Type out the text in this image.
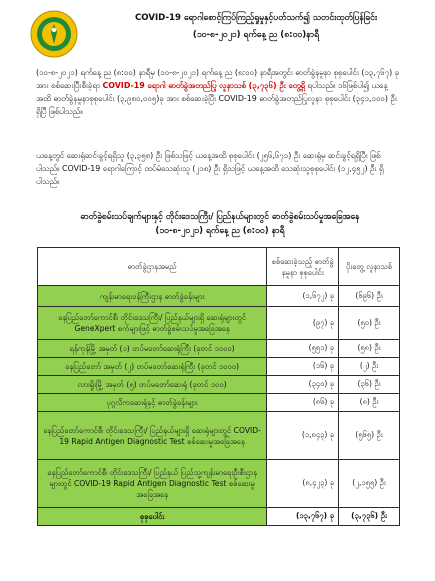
COVID-19 ရောဂါစောင့်ကြပ်ကြည့်ရှုမှုနှင့်ပတ်သက်၍ သတင်းထုတ်ပြန်ခြင်း
(၁၀-၈-၂၀၂၁) ရက်နေ့ ည (၈:၀၀)နာရီ
(၁၀-၈-၂၀၂၁) ရက်နေ့ ည (၈:၀၀) နာရီမှ (၁၀-၈-၂၀၂၁) ရက်နေ့ ည (၈:၀၀) နာရီအတွင်း ဓာတ်ခွဲနမူနာ စုစုပေါင်း (၁၃,၇၆၇) ခုအား စစ်ဆေးပြီးစီးခဲ့ရာ COVID-19 ရောဂါ ဓာတ်ခွဲအတည်ပြု လူနာသစ် (၃,၇၃၆) ဦး တွေ့ရှိ ရပါသည်။ ၁၆ဖြစ်ပါ၍ ယနေ့အထိ ဓာတ်ခွဲနမူနာစုစုပေါင်း (၃,၉၈၀,၀၀၅)ခု အား စစ်ဆေးခဲ့ပြီး COVID-19 ဓာတ်ခွဲအတည်ပြုလူနာ စုစုပေါင်း (၃၄၁,၁၀၀) ဦး ရှိပြီ ဖြစ်ပါသည်။
ယနေ့တွင် ဆေးရုံဆင်းခွင့်ရရှိသူ (၃,၃၅၈) ဦး ဖြစ်သဖြင့် ယနေ့အထိ စုစုပေါင်း (၂၅၆,၆၇၁) ဦး ဆေးရုံမှ ဆင်းခွင့်ရရှိပြီး ဖြစ်ပါသည်။ COVID-19 ရောဂါကြောင့် ထပ်မံသေဆုံးသူ (၂၁၈) ဦး ရှိသဖြင့် ယနေ့အထိ သေဆုံးသူစုစုပေါင်း (၁၂,၄၅၂) ဦး ရှိပါသည်။
ဓာတ်ခွဲစမ်းသပ်ချက်များနှင့် တိုင်းဒေသကြီး/ ပြည်နယ်များတွင် ဓာတ်ခွဲစမ်းသပ်မှုအခြေအနေ
(၁၀-၈-၂၀၂၁) ရက်နေ့ ည (၈:၀၀) နာရီ
ဓာတ်ခွဲဌာနအမည်	စစ်ဆေးခဲ့သည့် ဓာတ်ခွဲနမူနာ စုစုပေါင်း	ပိုးတွေ့ လူနာသစ်
ကျန်းမာရေးဝန်ကြီးဌာန ဓာတ်ခွဲခန်းများ	(၁,၆၇၂) ခု	(၆၉၆) ဦး
နေပြည်တော်ကောင်စီ၊ တိုင်းဒေသကြီး/ ပြည်နယ်များရှိ ဆေးရုံများတွင် GeneXpert စက်များဖြင့် ဓာတ်ခွဲစမ်းသပ်မှုအခြေအနေ	(၉၇) ခု	(၅၀) ဦး
ရန်ကုန်မြို့ အမှတ် (၁) တပ်မတော်ဆေးရုံကြီး (ခုတင် ၁၀၀၀)	(၅၅၁) ခု	(၅၈) ဦး
နေပြည်တော် အမှတ် (၂) တပ်မတော်ဆေးရုံကြီး (ခုတင် ၁၀၀၀)	(၁၆) ခု	(၂) ဦး
လားရှိုးမြို့ အမှတ် (၅) တပ်မတော်ဆေးရုံ (ခုတင် ၁၀၀)	(၃၄၀) ခု	(၃၆) ဦး
ပုဂ္ဂလိကဆေးရုံနှင့် ဓာတ်ခွဲခန်းများ	(၈၆) ခု	(၈) ဦး
နေပြည်တော်ကောင်စီ၊ တိုင်းဒေသကြီး/ ပြည်နယ်များရှိ ဆေးရုံများတွင် COVID-19 Rapid Antigen Diagnostic Test စစ်ဆေးမှုအခြေအနေ	(၁,၈၄၃) ခု	(၅၆၅) ဦး
နေပြည်တော်ကောင်စီ၊ တိုင်းဒေသကြီး/ ပြည်နယ် ပြည်သူ့ကျန်းမာရေးဦးစီးဌာနများတွင် COVID-19 Rapid Antigen Diagnostic Test စစ်ဆေးမှုအခြေအနေ	(၈,၄၂၃) ခု	(၂,၁၅၅) ဦး
စုစုပေါင်း	(၁၃,၇၆၇) ခု	(၃,၇၃၆) ဦး
